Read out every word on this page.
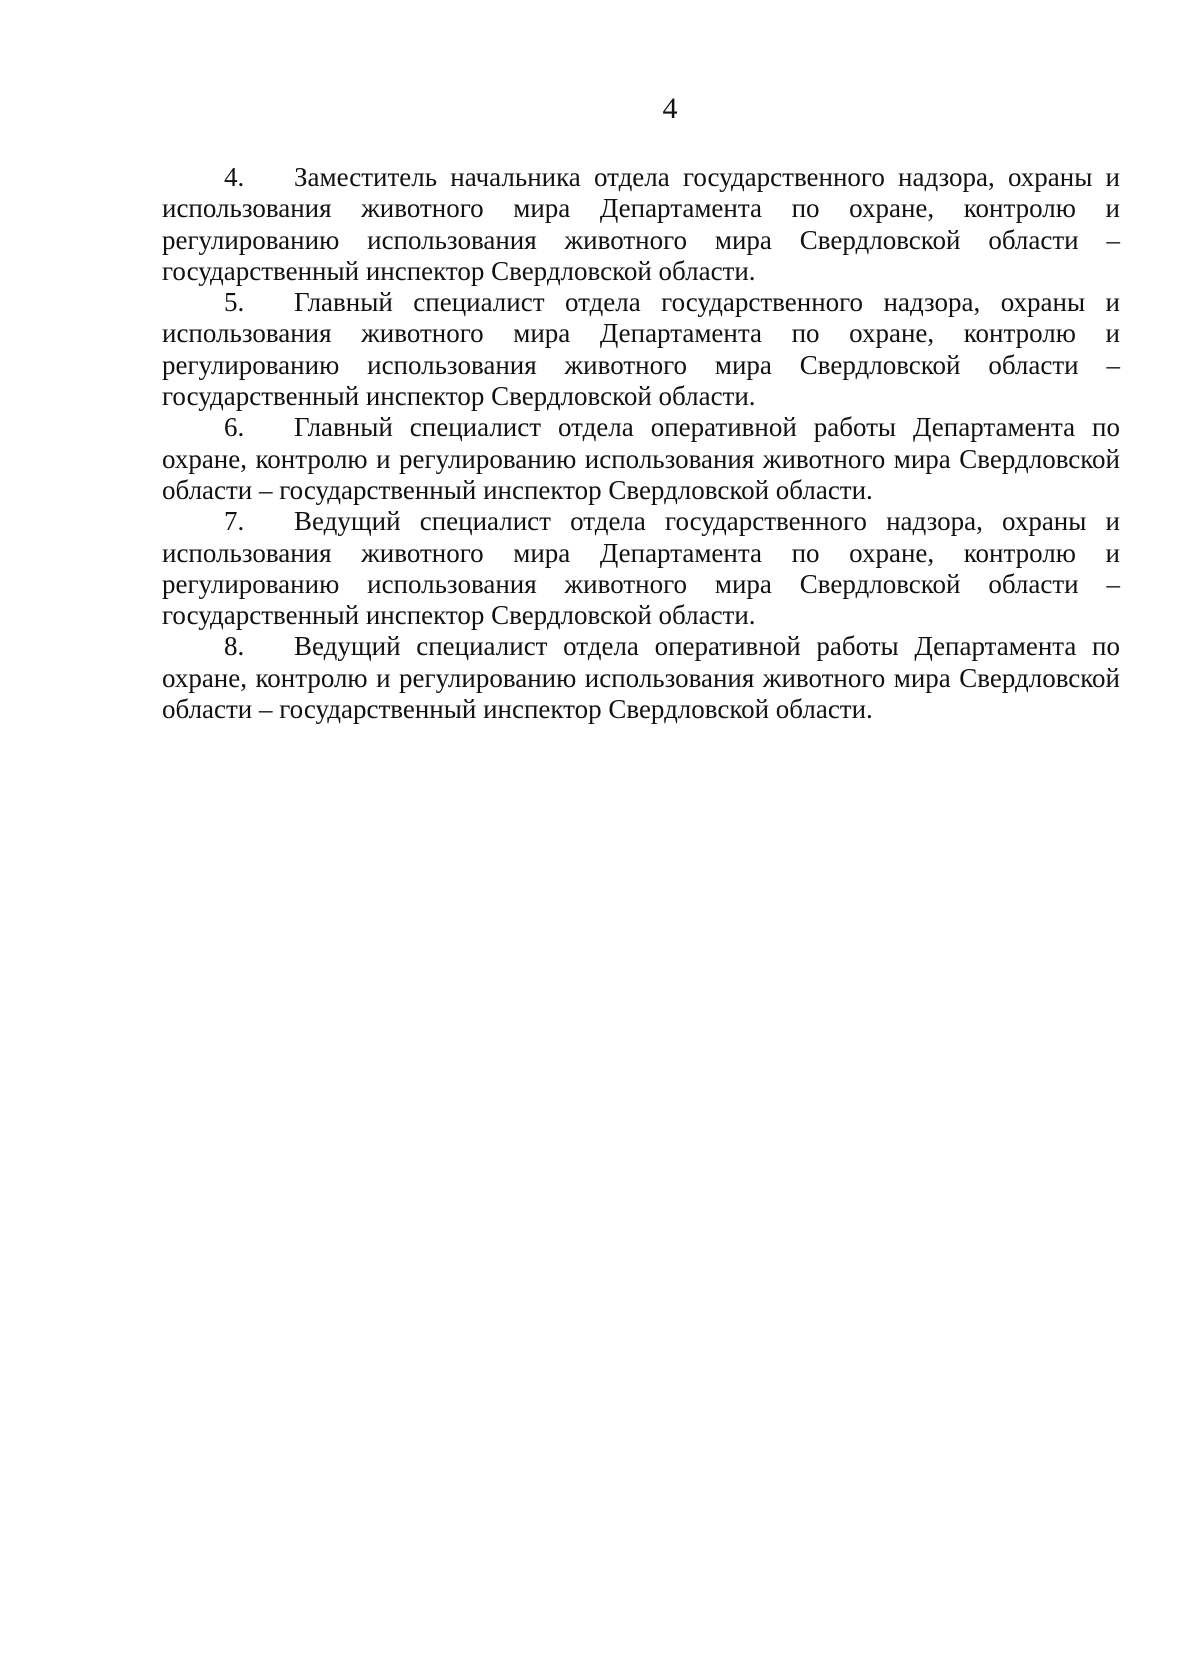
4

4. Заместитель начальника отдела государственного надзора, охраны и использования животного мира Департамента по охране, контролю и регулированию использования животного мира Свердловской области – государственный инспектор Свердловской области.

5. Главный специалист отдела государственного надзора, охраны и использования животного мира Департамента по охране, контролю и регулированию использования животного мира Свердловской области – государственный инспектор Свердловской области.

6. Главный специалист отдела оперативной работы Департамента по охране, контролю и регулированию использования животного мира Свердловской области – государственный инспектор Свердловской области.

7. Ведущий специалист отдела государственного надзора, охраны и использования животного мира Департамента по охране, контролю и регулированию использования животного мира Свердловской области – государственный инспектор Свердловской области.

8. Ведущий специалист отдела оперативной работы Департамента по охране, контролю и регулированию использования животного мира Свердловской области – государственный инспектор Свердловской области.
